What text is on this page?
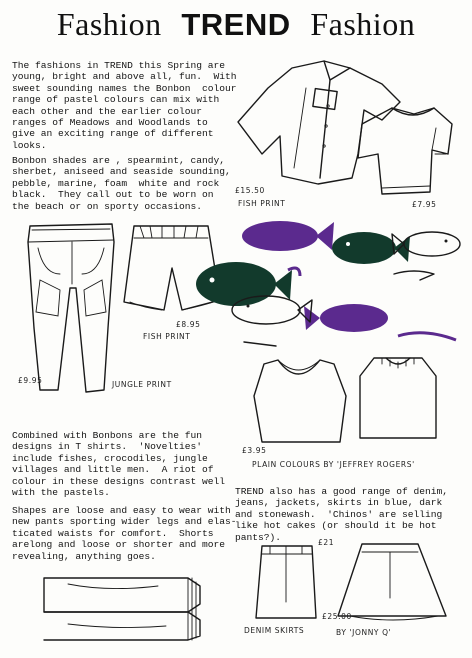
Fashion TREND Fashion
The fashions in TREND this Spring are
young, bright and above all, fun.  With
sweet sounding names the Bonbon  colour
range of pastel colours can mix with
each other and the earlier colour
ranges of Meadows and Woodlands to
give an exciting range of different
looks.
Bonbon shades are , spearmint, candy,
sherbet, aniseed and seaside sounding,
pebble, marine, foam  white and rock
black.  They call out to be worn on
the beach or on sporty occasions.
Combined with Bonbons are the fun
designs in T shirts.  'Novelties'
include fishes, crocodiles, jungle
villages and little men.  A riot of
colour in these designs contrast well
with the pastels.
Shapes are loose and easy to wear with
new pants sporting wider legs and elas-
ticated waists for comfort.  Shorts
arelong and loose or shorter and more
revealing, anything goes.
TREND also has a good range of denim,
jeans, jackets, skirts in blue, dark
and stonewash.  'Chinos' are selling
like hot cakes (or should it be hot
pants?).
£15.50
FISH PRINT	£7.95
£9.95	JUNGLE PRINT
£8.95
FISH PRINT
£3.95
PLAIN COLOURS BY 'JEFFREY ROGERS'
£21
£25.00
DENIM SKIRTS	BY 'JONNY Q'
